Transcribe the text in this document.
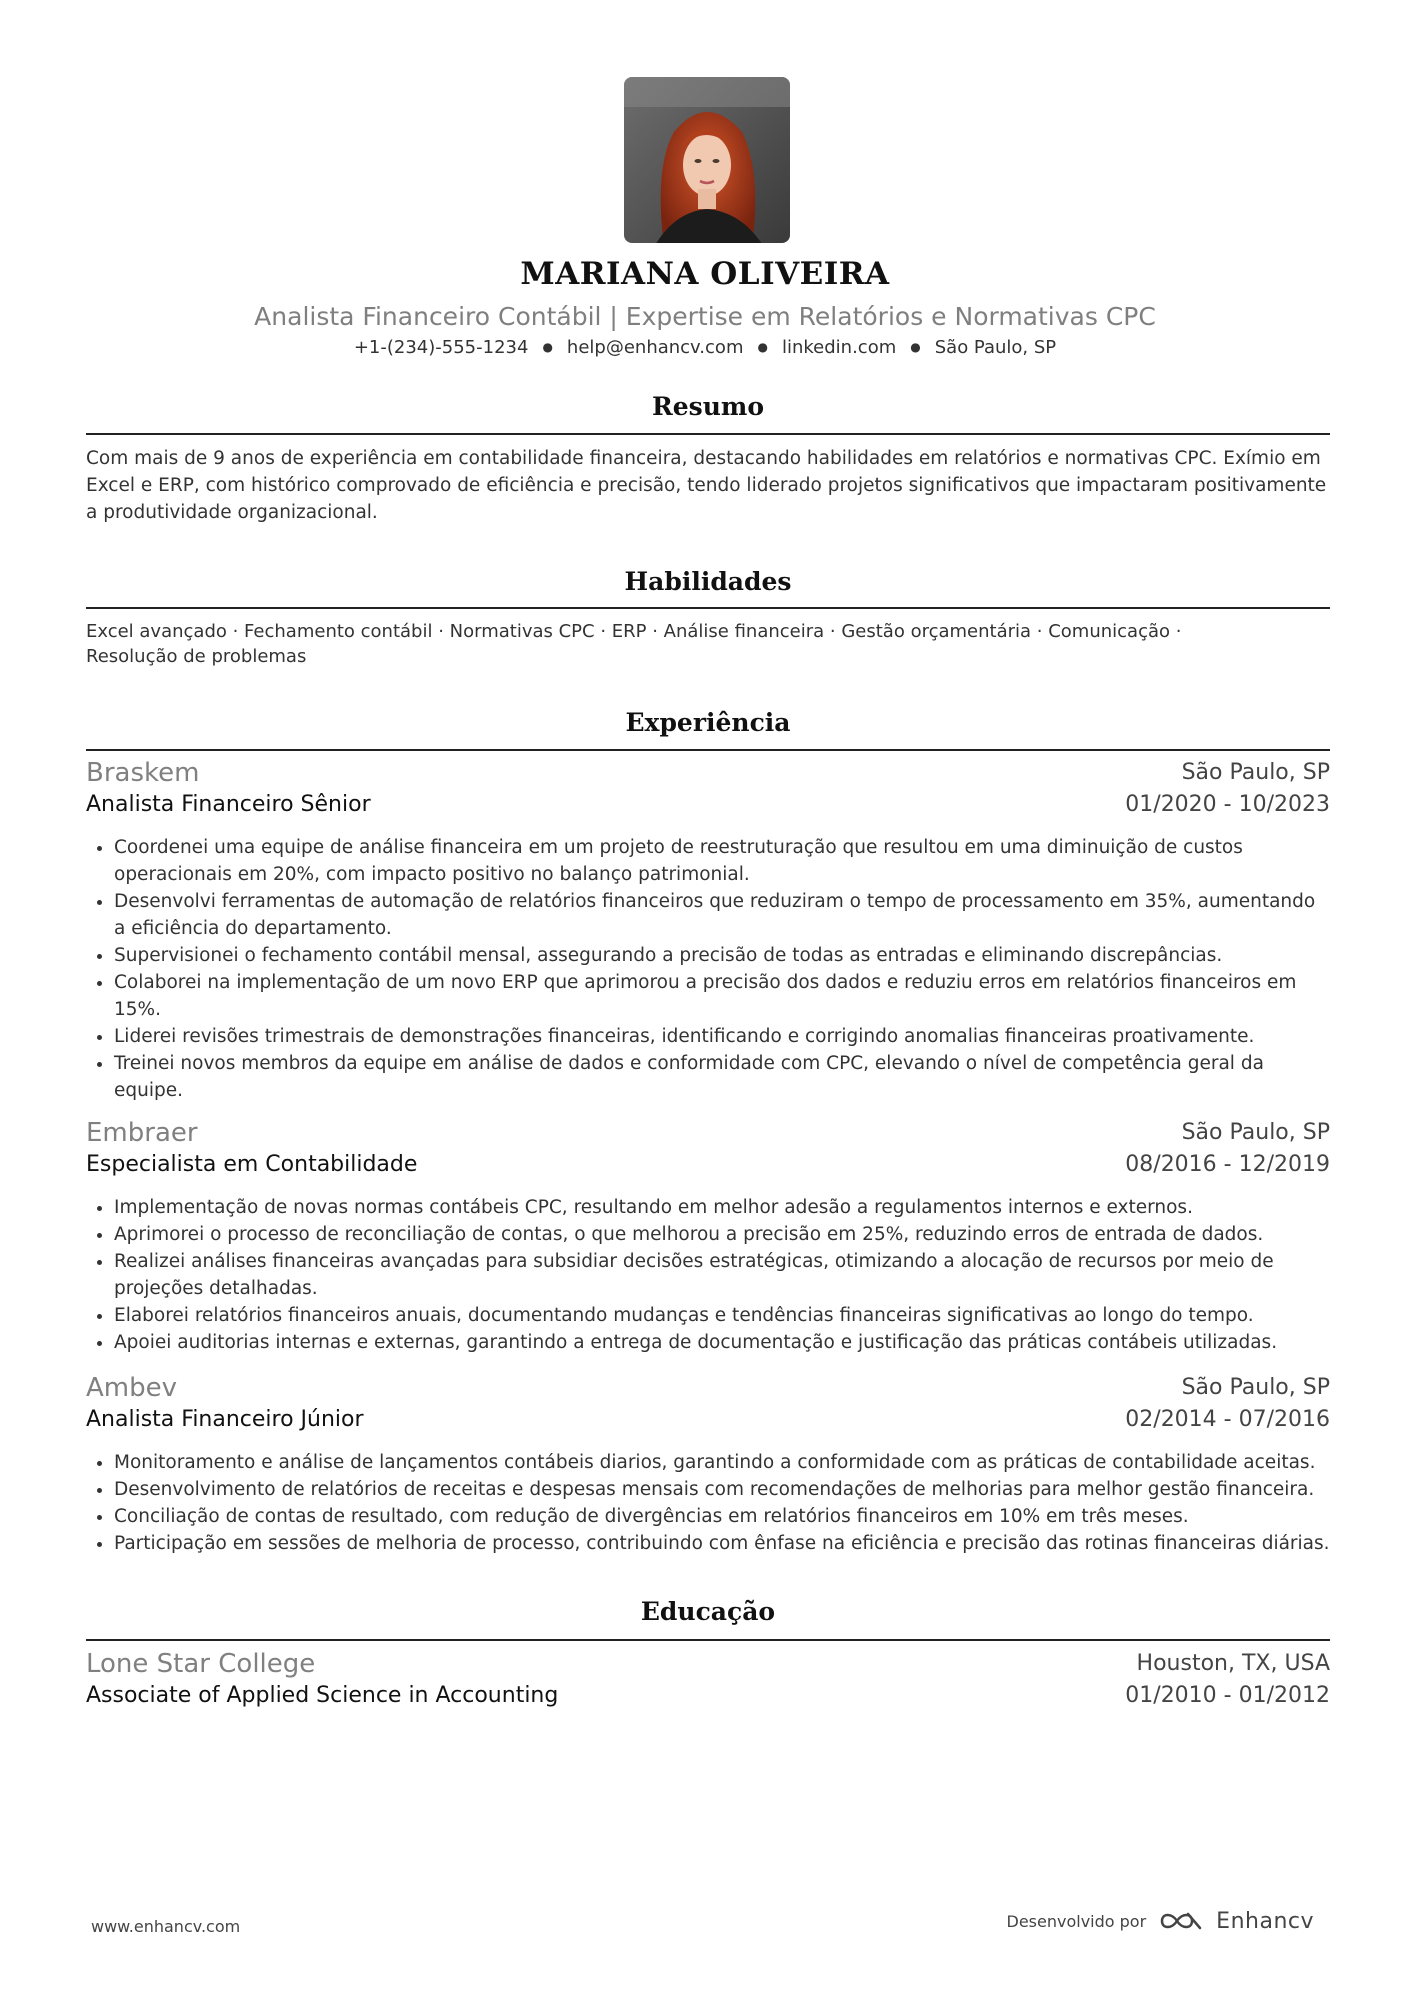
MARIANA OLIVEIRA
Analista Financeiro Contábil | Expertise em Relatórios e Normativas CPC
+1-(234)-555-1234 ● help@enhancv.com ● linkedin.com ● São Paulo, SP
Resumo
Com mais de 9 anos de experiência em contabilidade financeira, destacando habilidades em relatórios e normativas CPC. Exímio em Excel e ERP, com histórico comprovado de eficiência e precisão, tendo liderado projetos significativos que impactaram positivamente a produtividade organizacional.
Habilidades
Excel avançado · Fechamento contábil · Normativas CPC · ERP · Análise financeira · Gestão orçamentária · Comunicação · Resolução de problemas
Experiência
Braskem	São Paulo, SP
Analista Financeiro Sênior	01/2020 - 10/2023
• Coordenei uma equipe de análise financeira em um projeto de reestruturação que resultou em uma diminuição de custos operacionais em 20%, com impacto positivo no balanço patrimonial.
• Desenvolvi ferramentas de automação de relatórios financeiros que reduziram o tempo de processamento em 35%, aumentando a eficiência do departamento.
• Supervisionei o fechamento contábil mensal, assegurando a precisão de todas as entradas e eliminando discrepâncias.
• Colaborei na implementação de um novo ERP que aprimorou a precisão dos dados e reduziu erros em relatórios financeiros em 15%.
• Liderei revisões trimestrais de demonstrações financeiras, identificando e corrigindo anomalias financeiras proativamente.
• Treinei novos membros da equipe em análise de dados e conformidade com CPC, elevando o nível de competência geral da equipe.
Embraer	São Paulo, SP
Especialista em Contabilidade	08/2016 - 12/2019
• Implementação de novas normas contábeis CPC, resultando em melhor adesão a regulamentos internos e externos.
• Aprimorei o processo de reconciliação de contas, o que melhorou a precisão em 25%, reduzindo erros de entrada de dados.
• Realizei análises financeiras avançadas para subsidiar decisões estratégicas, otimizando a alocação de recursos por meio de projeções detalhadas.
• Elaborei relatórios financeiros anuais, documentando mudanças e tendências financeiras significativas ao longo do tempo.
• Apoiei auditorias internas e externas, garantindo a entrega de documentação e justificação das práticas contábeis utilizadas.
Ambev	São Paulo, SP
Analista Financeiro Júnior	02/2014 - 07/2016
• Monitoramento e análise de lançamentos contábeis diarios, garantindo a conformidade com as práticas de contabilidade aceitas.
• Desenvolvimento de relatórios de receitas e despesas mensais com recomendações de melhorias para melhor gestão financeira.
• Conciliação de contas de resultado, com redução de divergências em relatórios financeiros em 10% em três meses.
• Participação em sessões de melhoria de processo, contribuindo com ênfase na eficiência e precisão das rotinas financeiras diárias.
Educação
Lone Star College	Houston, TX, USA
Associate of Applied Science in Accounting	01/2010 - 01/2012
www.enhancv.com	Desenvolvido por	Enhancv
